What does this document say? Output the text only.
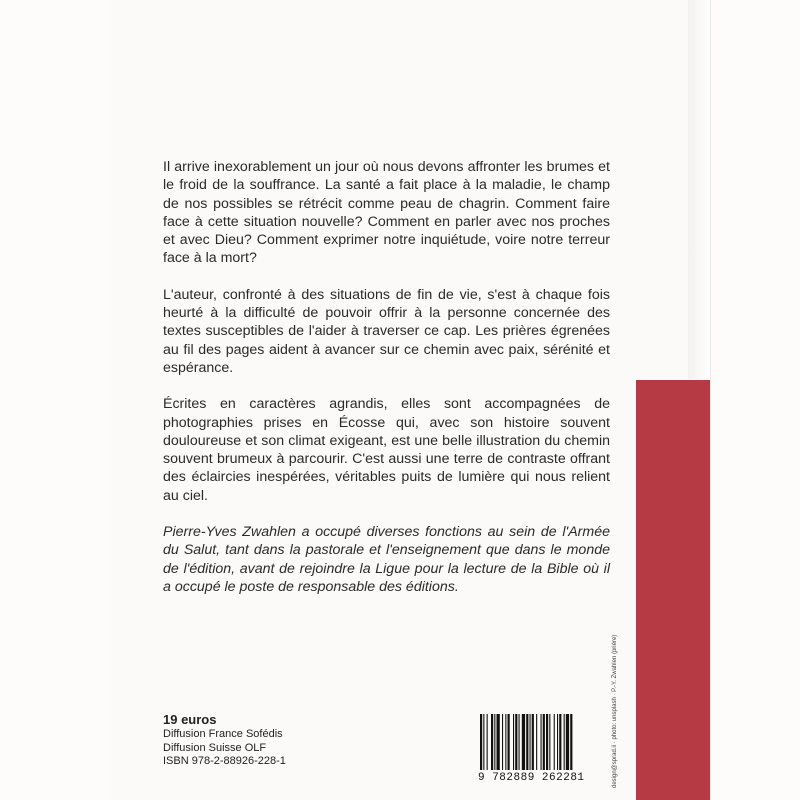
Il arrive inexorablement un jour où nous devons affronter les brumes et le froid de la souffrance. La santé a fait place à la maladie, le champ de nos possibles se rétrécit comme peau de chagrin. Comment faire face à cette situation nouvelle? Comment en parler avec nos proches et avec Dieu? Comment exprimer notre inquiétude, voire notre terreur face à la mort?

L'auteur, confronté à des situations de fin de vie, s'est à chaque fois heurté à la difficulté de pouvoir offrir à la personne concernée des textes susceptibles de l'aider à traverser ce cap. Les prières égrenées au fil des pages aident à avancer sur ce chemin avec paix, sérénité et espérance.

Écrites en caractères agrandis, elles sont accompagnées de photographies prises en Écosse qui, avec son histoire souvent douloureuse et son climat exigeant, est une belle illustration du chemin souvent brumeux à parcourir. C'est aussi une terre de contraste offrant des éclaircies inespérées, véritables puits de lumière qui nous relient au ciel.

Pierre-Yves Zwahlen a occupé diverses fonctions au sein de l'Armée du Salut, tant dans la pastorale et l'enseignement que dans le monde de l'édition, avant de rejoindre la Ligue pour la lecture de la Bible où il a occupé le poste de responsable des éditions.

19 euros
Diffusion France Sofédis
Diffusion Suisse OLF
ISBN 978-2-88926-228-1
9 782889 262281	design@sprad.ii · photo: unsplash · P.-Y. Zwahlen (prière)
